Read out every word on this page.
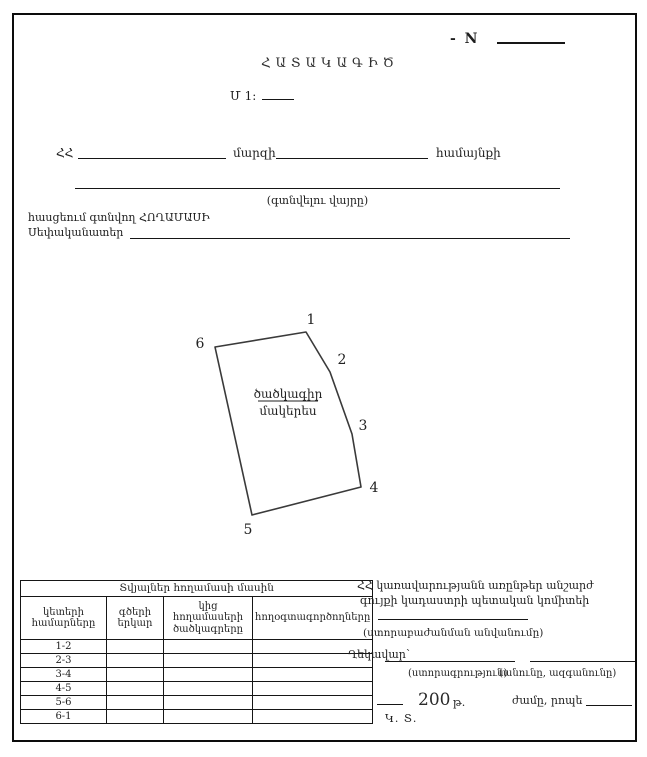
- N
ՀԱՏԱԿԱԳԻԾ
Մ 1:
ՀՀ	մարզի	համայնքի
(գտնվելու վայրը)
հասցեում գտնվող ՀՈՂԱՄԱՍԻ
Սեփականատեր
1
2
3
4
5
6
ծածկագիր
մակերես
Տվյալներ հողամասի մասին			
կետերի համարները	գծերի երկար	կից հողամասերի ծածկագրերը	հողօգտագործողները
1-2			
2-3			
3-4			
4-5			
5-6			
6-1			
ՀՀ կառավարությանն առընթեր անշարժ
գույքի կադաստրի պետական կոմիտեի
(ստորաբաժանման անվանումը)
Ղեկավար՝
(ստորագրություն)
(անունը, ազգանունը)
200 թ.	ժամը, րոպե
Կ. Տ.
